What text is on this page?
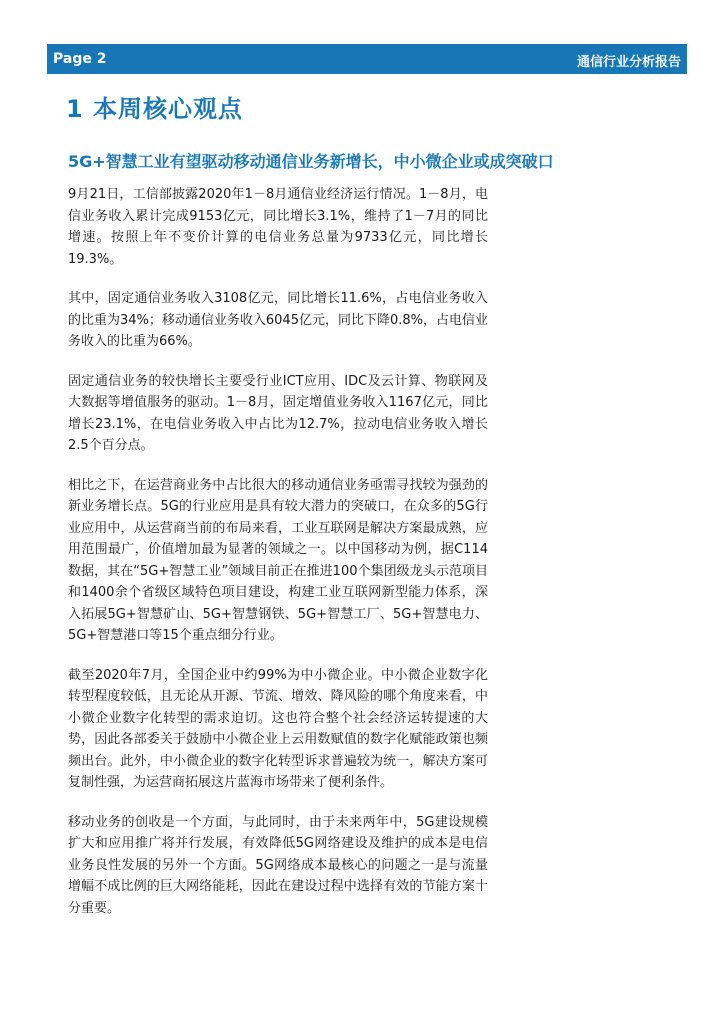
Page 2	通信行业分析报告
1 本周核心观点
5G+智慧工业有望驱动移动通信业务新增长，中小微企业或成突破口

9月21日，工信部披露2020年1－8月通信业经济运行情况。1－8月，电信业务收入累计完成9153亿元，同比增长3.1%，维持了1－7月的同比增速。按照上年不变价计算的电信业务总量为9733亿元，同比增长19.3%。

其中，固定通信业务收入3108亿元，同比增长11.6%，占电信业务收入的比重为34%；移动通信业务收入6045亿元，同比下降0.8%，占电信业务收入的比重为66%。

固定通信业务的较快增长主要受行业ICT应用、IDC及云计算、物联网及大数据等增值服务的驱动。1－8月，固定增值业务收入1167亿元，同比增长23.1%，在电信业务收入中占比为12.7%，拉动电信业务收入增长2.5个百分点。

相比之下，在运营商业务中占比很大的移动通信业务亟需寻找较为强劲的新业务增长点。5G的行业应用是具有较大潜力的突破口，在众多的5G行业应用中，从运营商当前的布局来看，工业互联网是解决方案最成熟，应用范围最广，价值增加最为显著的领域之一。以中国移动为例，据C114数据，其在“5G+智慧工业”领域目前正在推进100个集团级龙头示范项目和1400余个省级区域特色项目建设，构建工业互联网新型能力体系，深入拓展5G+智慧矿山、5G+智慧钢铁、5G+智慧工厂、5G+智慧电力、5G+智慧港口等15个重点细分行业。

截至2020年7月，全国企业中约99%为中小微企业。中小微企业数字化转型程度较低，且无论从开源、节流、增效、降风险的哪个角度来看，中小微企业数字化转型的需求迫切。这也符合整个社会经济运转提速的大势，因此各部委关于鼓励中小微企业上云用数赋值的数字化赋能政策也频频出台。此外，中小微企业的数字化转型诉求普遍较为统一，解决方案可复制性强，为运营商拓展这片蓝海市场带来了便利条件。

移动业务的创收是一个方面，与此同时，由于未来两年中，5G建设规模扩大和应用推广将并行发展，有效降低5G网络建设及维护的成本是电信业务良性发展的另外一个方面。5G网络成本最核心的问题之一是与流量增幅不成比例的巨大网络能耗，因此在建设过程中选择有效的节能方案十分重要。
